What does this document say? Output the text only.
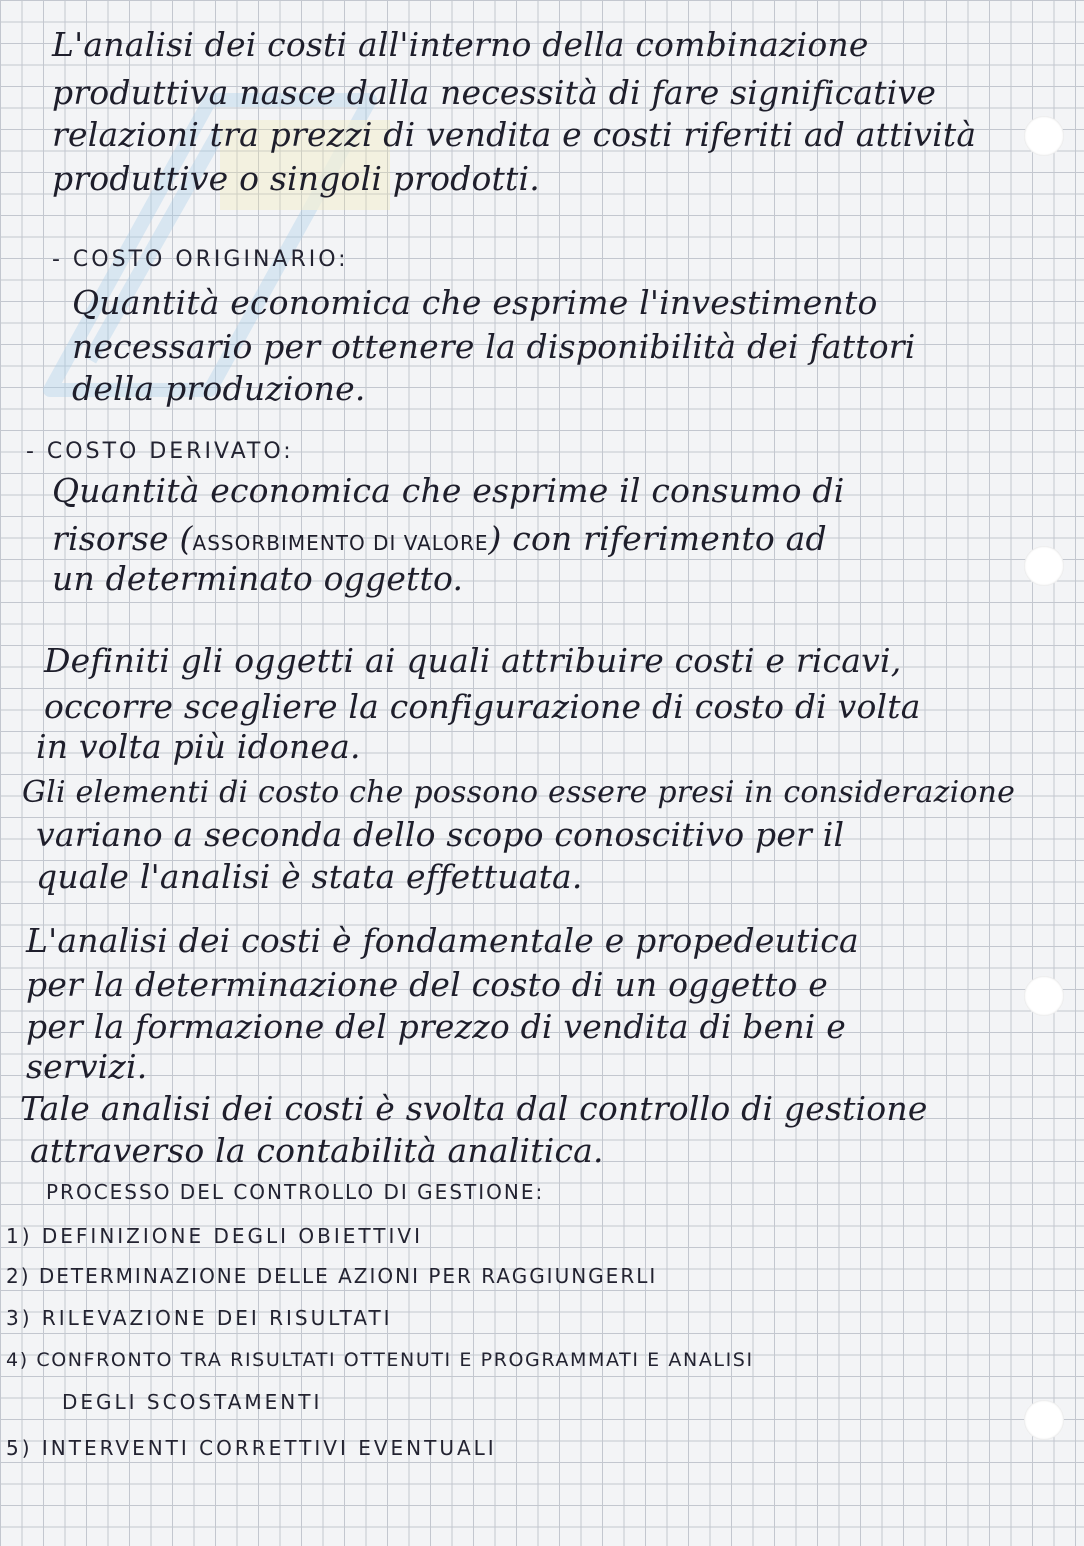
L'analisi dei costi all'interno della combinazione

produttiva nasce dalla necessità di fare significative

relazioni tra prezzi di vendita e costi riferiti ad attività

produttive o singoli prodotti.

- COSTO ORIGINARIO:

Quantità economica che esprime l'investimento

necessario per ottenere la disponibilità dei fattori

della produzione.

- COSTO DERIVATO:

Quantità economica che esprime il consumo di

risorse (ASSORBIMENTO DI VALORE) con riferimento ad

un determinato oggetto.

Definiti gli oggetti ai quali attribuire costi e ricavi,

occorre scegliere la configurazione di costo di volta

in volta più idonea.

Gli elementi di costo che possono essere presi in considerazione

variano a seconda dello scopo conoscitivo per il

quale l'analisi è stata effettuata.

L'analisi dei costi è fondamentale e propedeutica

per la determinazione del costo di un oggetto e

per la formazione del prezzo di vendita di beni e

servizi.

Tale analisi dei costi è svolta dal controllo di gestione

attraverso la contabilità analitica.

PROCESSO DEL CONTROLLO DI GESTIONE:

1) DEFINIZIONE DEGLI OBIETTIVI

2) DETERMINAZIONE DELLE AZIONI PER RAGGIUNGERLI

3) RILEVAZIONE DEI RISULTATI

4) CONFRONTO TRA RISULTATI OTTENUTI E PROGRAMMATI E ANALISI

DEGLI SCOSTAMENTI

5) INTERVENTI CORRETTIVI EVENTUALI
